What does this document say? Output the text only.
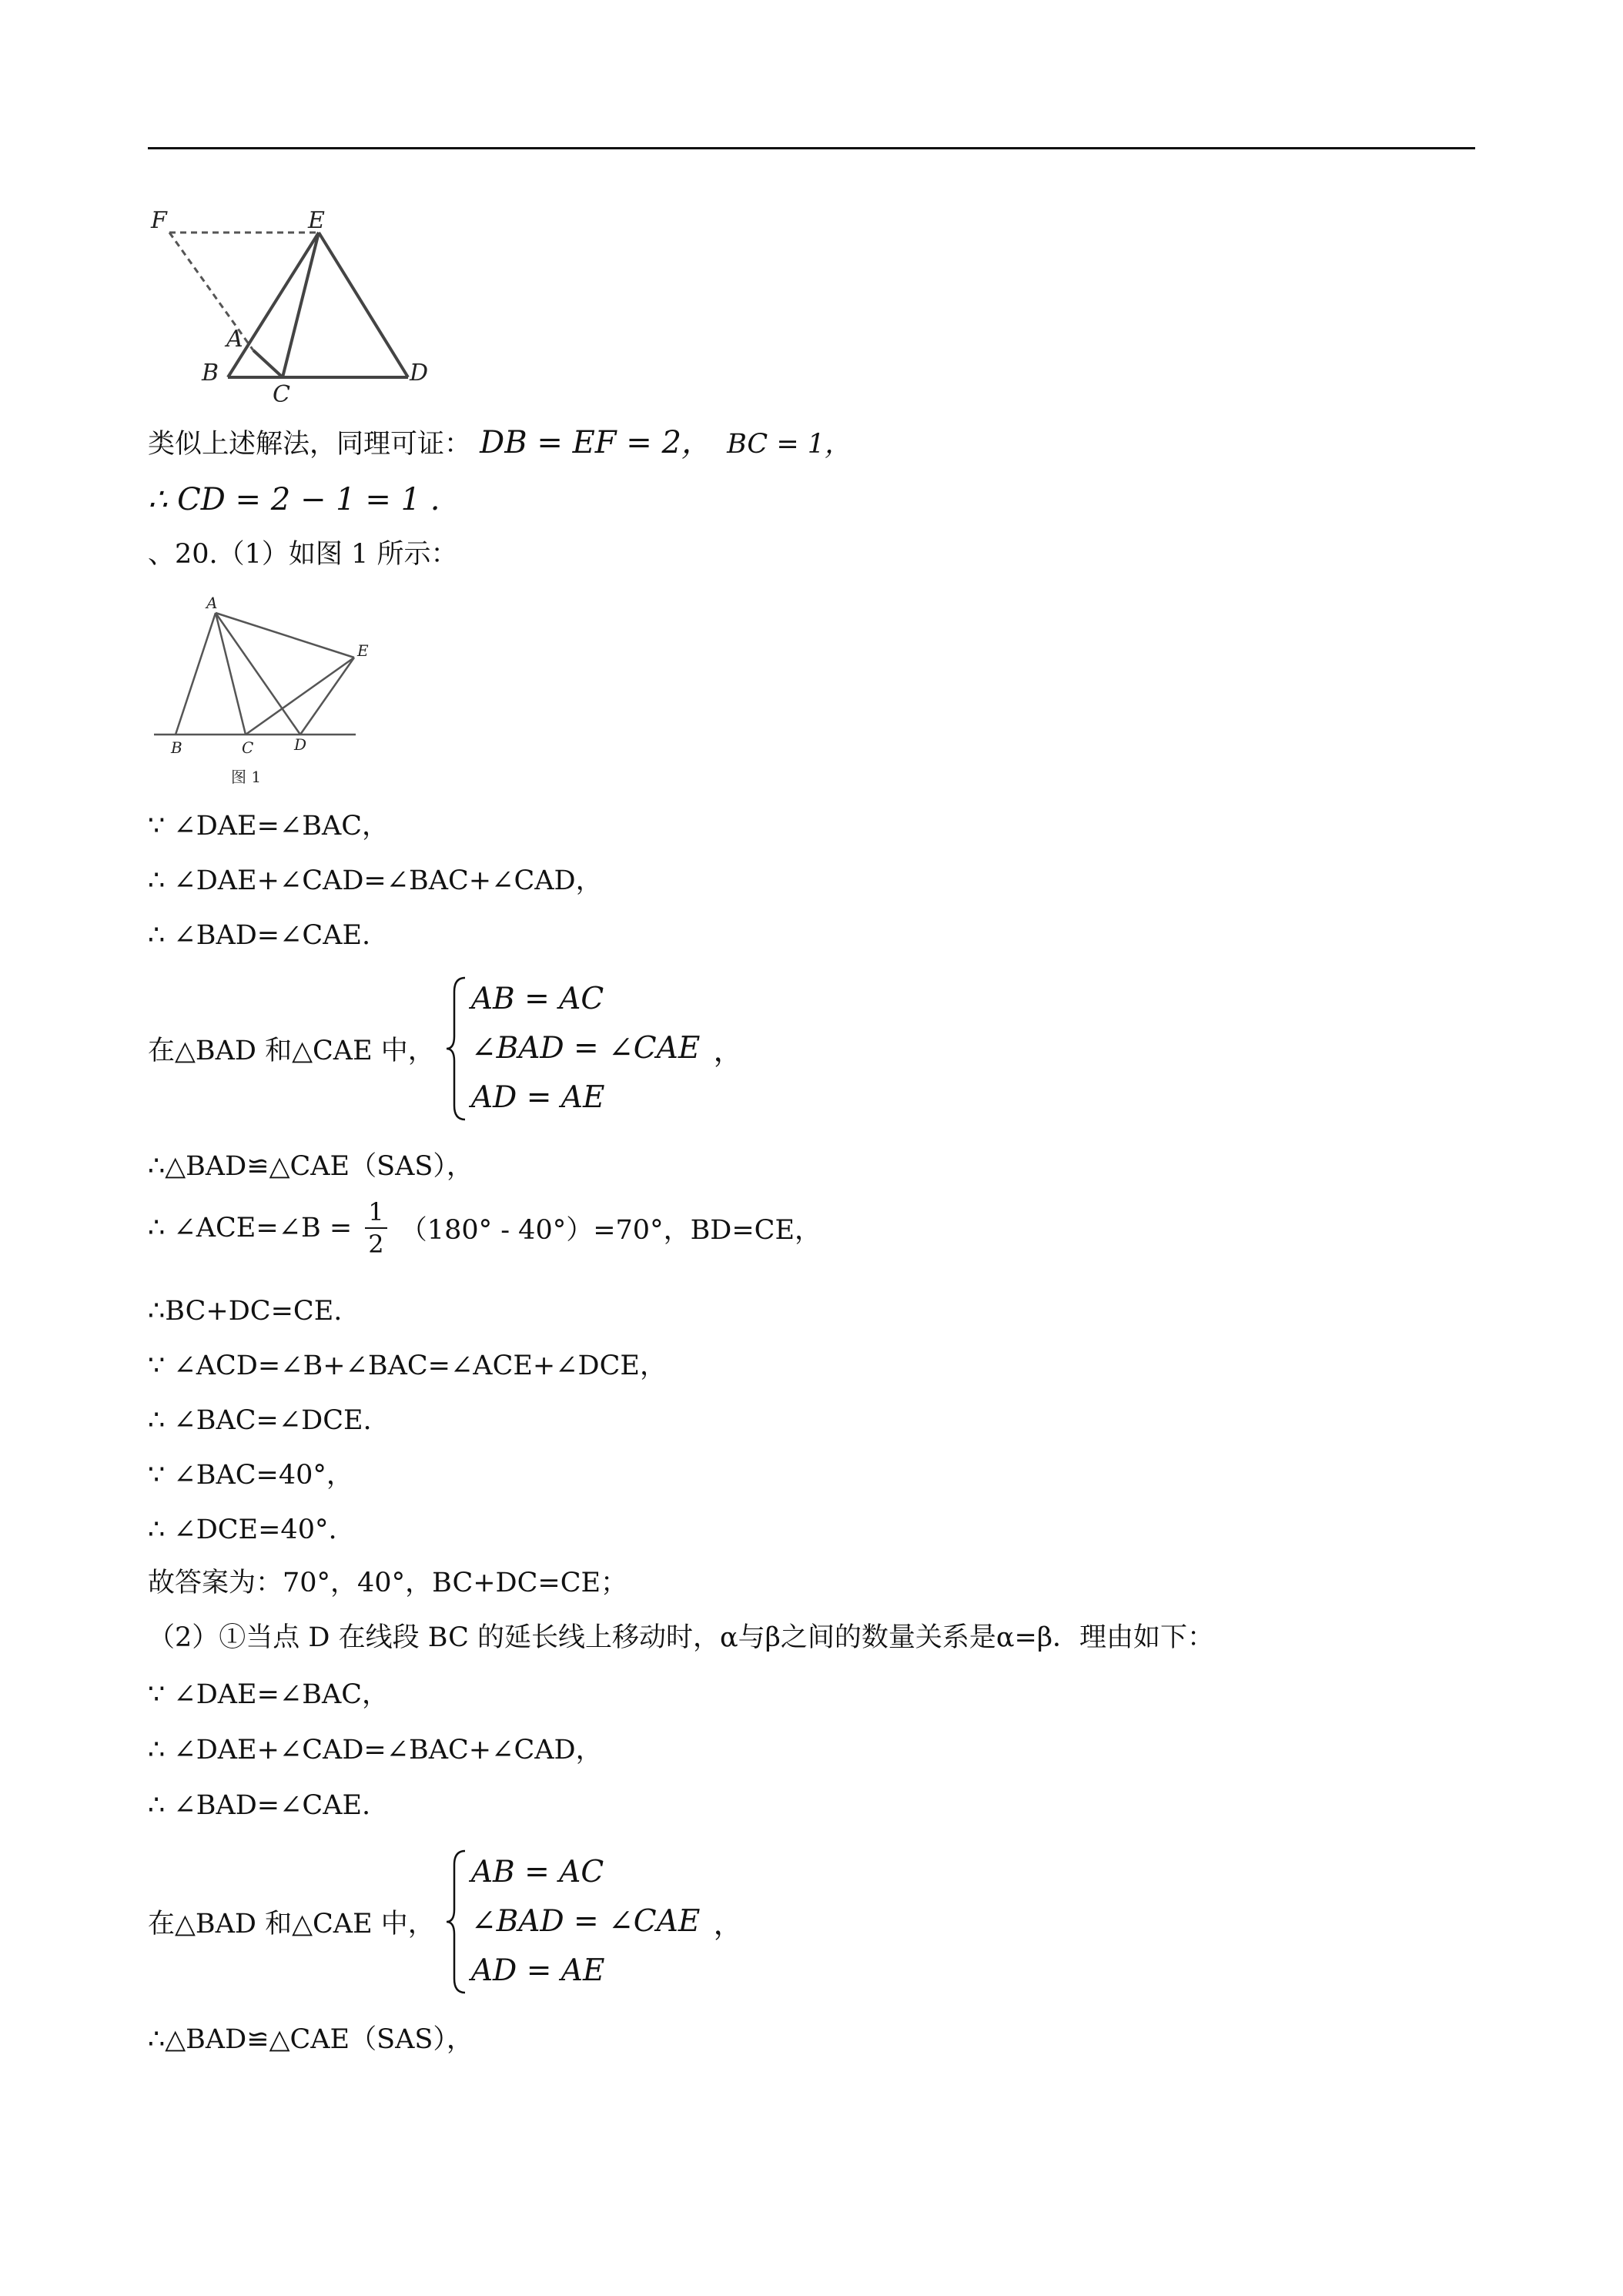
F	E
A
B
C
D
类似上述解法，同理可证： DB = EF = 2， BC = 1，
∴ CD = 2 − 1 = 1 .
、20.（1）如图 1 所示：
A
B	C	D
E
图 1
∵ ∠DAE=∠BAC，
∴ ∠DAE+∠CAD=∠BAC+∠CAD，
∴ ∠BAD=∠CAE.
在△BAD 和△CAE 中，
AB = AC
∠BAD = ∠CAE
AD = AE
，
∴△BAD≌△CAE（SAS），
∴ ∠ACE=∠B = $\frac{1}{2} (180^\circ - 40^\circ)=70^\circ$，BD=CE，
∴BC+DC=CE.
∵ ∠ACD=∠B+∠BAC=∠ACE+∠DCE，
∴ ∠BAC=∠DCE.
∵ ∠BAC=40°，
∴ ∠DCE=40°.
故答案为：70°，40°，BC+DC=CE；
（2）①当点 D 在线段 BC 的延长线上移动时，α与β之间的数量关系是α=β．理由如下：
∵ ∠DAE=∠BAC，
∴ ∠DAE+∠CAD=∠BAC+∠CAD，
∴ ∠BAD=∠CAE.
在△BAD 和△CAE 中，
AB = AC
∠BAD = ∠CAE
AD = AE
，
∴△BAD≌△CAE（SAS），
